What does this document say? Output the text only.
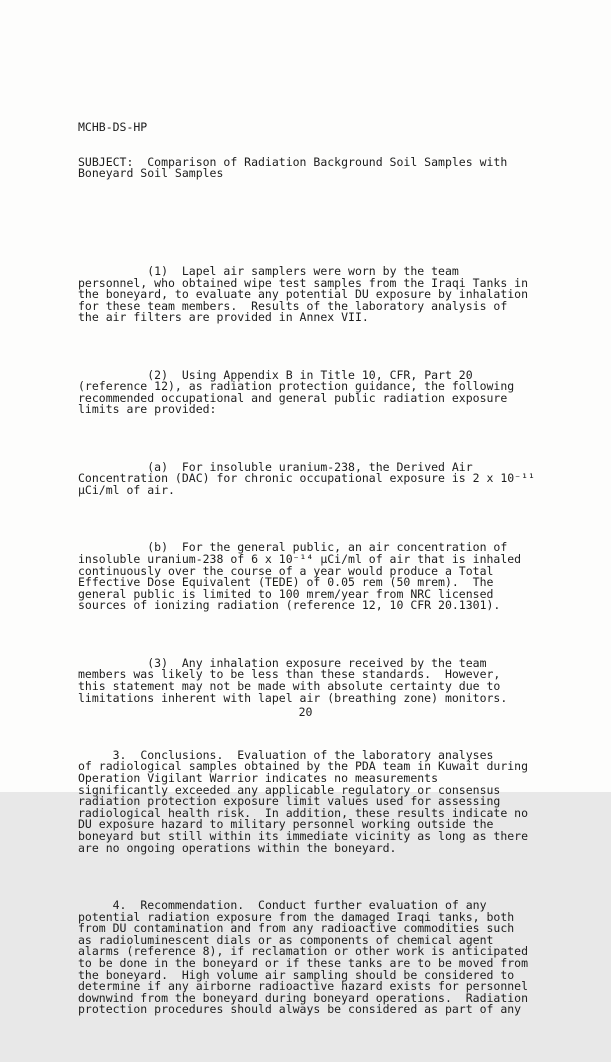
MCHB-DS-HP

SUBJECT:  Comparison of Radiation Background Soil Samples with
Boneyard Soil Samples

(1)  Lapel air samplers were worn by the team
personnel, who obtained wipe test samples from the Iraqi Tanks in
the boneyard, to evaluate any potential DU exposure by inhalation
for these team members.  Results of the laboratory analysis of
the air filters are provided in Annex VII.

(2)  Using Appendix B in Title 10, CFR, Part 20
(reference 12), as radiation protection guidance, the following
recommended occupational and general public radiation exposure
limits are provided:

(a)  For insoluble uranium-238, the Derived Air
Concentration (DAC) for chronic occupational exposure is 2 x 10⁻¹¹
µCi/ml of air.

(b)  For the general public, an air concentration of
insoluble uranium-238 of 6 x 10⁻¹⁴ µCi/ml of air that is inhaled
continuously over the course of a year would produce a Total
Effective Dose Equivalent (TEDE) of 0.05 rem (50 mrem).  The
general public is limited to 100 mrem/year from NRC licensed
sources of ionizing radiation (reference 12, 10 CFR 20.1301).

(3)  Any inhalation exposure received by the team
members was likely to be less than these standards.  However,
this statement may not be made with absolute certainty due to
limitations inherent with lapel air (breathing zone) monitors.

3.  Conclusions.  Evaluation of the laboratory analyses
of radiological samples obtained by the PDA team in Kuwait during
Operation Vigilant Warrior indicates no measurements
significantly exceeded any applicable regulatory or consensus
radiation protection exposure limit values used for assessing
radiological health risk.  In addition, these results indicate no
DU exposure hazard to military personnel working outside the
boneyard but still within its immediate vicinity as long as there
are no ongoing operations within the boneyard.

4.  Recommendation.  Conduct further evaluation of any
potential radiation exposure from the damaged Iraqi tanks, both
from DU contamination and from any radioactive commodities such
as radioluminescent dials or as components of chemical agent
alarms (reference 8), if reclamation or other work is anticipated
to be done in the boneyard or if these tanks are to be moved from
the boneyard.  High volume air sampling should be considered to
determine if any airborne radioactive hazard exists for personnel
downwind from the boneyard during boneyard operations.  Radiation
protection procedures should always be considered as part of any

20
